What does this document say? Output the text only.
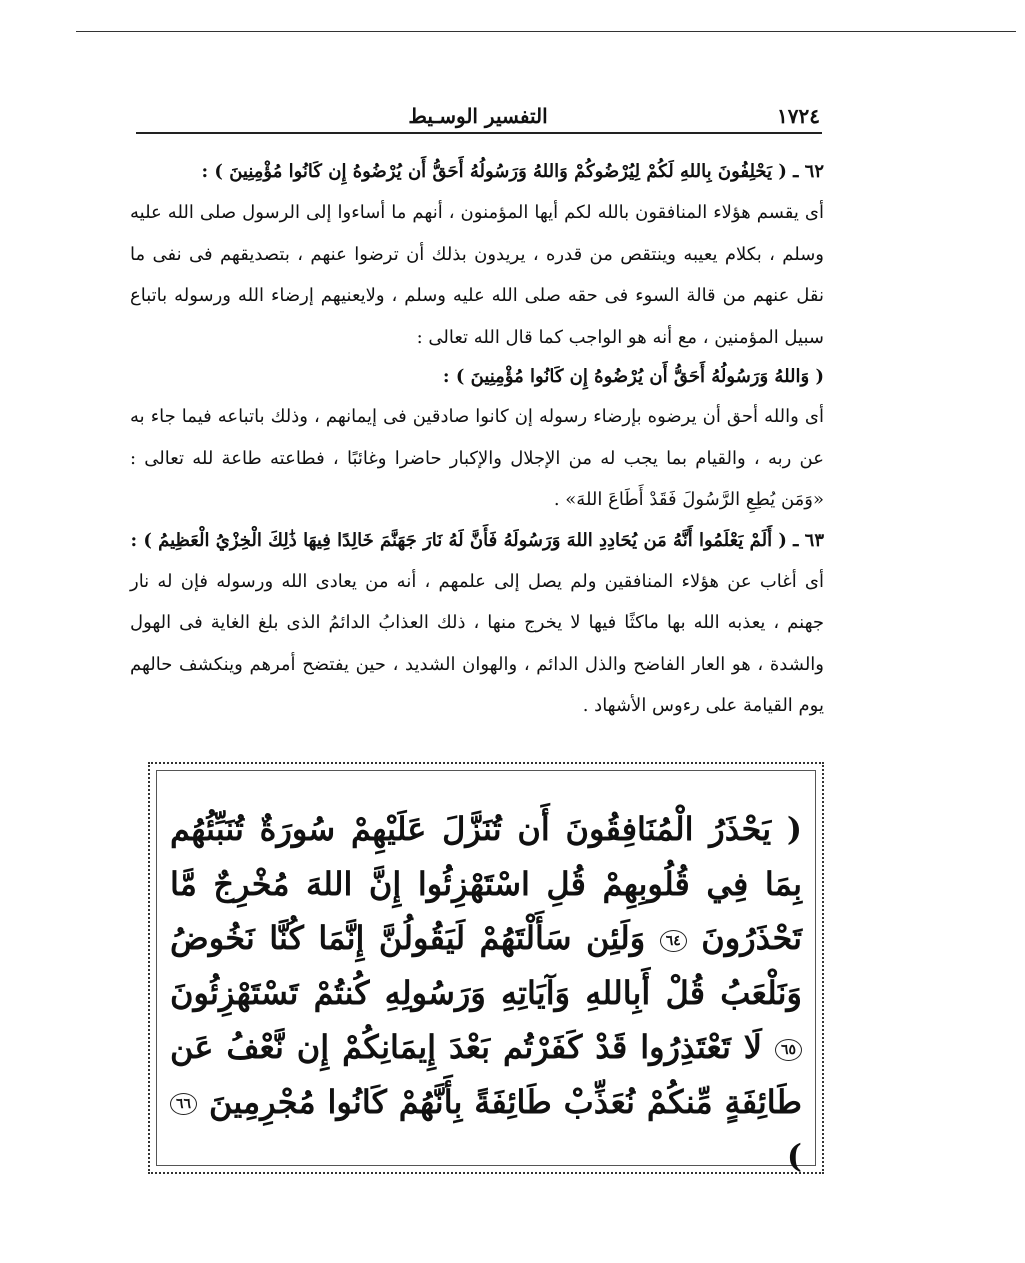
١٧٢٤
التفسير الوسـيط

٦٢ ـ ( يَحْلِفُونَ بِاللهِ لَكُمْ لِيُرْضُوكُمْ وَاللهُ وَرَسُولُهُ أَحَقُّ أَن يُرْضُوهُ إِن كَانُوا مُؤْمِنِينَ ) :

أى يقسم هؤلاء المنافقون بالله لكم أيها المؤمنون ، أنهم ما أساءوا إلى الرسول صلى الله عليه وسلم ، بكلام يعيبه وينتقص من قدره ، يريدون بذلك أن ترضوا عنهم ، بتصديقهم فى نفى ما نقل عنهم من قالة السوء فى حقه صلى الله عليه وسلم ، ولايعنيهم إرضاء الله ورسوله باتباع سبيل المؤمنين ، مع أنه هو الواجب كما قال الله تعالى :

( وَاللهُ وَرَسُولُهُ أَحَقُّ أَن يُرْضُوهُ إِن كَانُوا مُؤْمِنِينَ ) :

أى والله أحق أن يرضوه بإرضاء رسوله إن كانوا صادقين فى إيمانهم ، وذلك باتباعه فيما جاء به عن ربه ، والقيام بما يجب له من الإجلال والإكبار حاضرا وغائبًا ، فطاعته طاعة لله تعالى : «وَمَن يُطِعِ الرَّسُولَ فَقَدْ أَطَاعَ اللهَ» .

٦٣ ـ ( أَلَمْ يَعْلَمُوا أَنَّهُ مَن يُحَادِدِ اللهَ وَرَسُولَهُ فَأَنَّ لَهُ نَارَ جَهَنَّمَ خَالِدًا فِيهَا ذَٰلِكَ الْخِزْيُ الْعَظِيمُ ) :

أى أغاب عن هؤلاء المنافقين ولم يصل إلى علمهم ، أنه من يعادى الله ورسوله فإن له نار جهنم ، يعذبه الله بها ماكثًا فيها لا يخرج منها ، ذلك العذابُ الدائمُ الذى بلغ الغاية فى الهول والشدة ، هو العار الفاضح والذل الدائم ، والهوان الشديد ، حين يفتضح أمرهم وينكشف حالهم يوم القيامة على رءوس الأشهاد .

( يَحْذَرُ الْمُنَافِقُونَ أَن تُنَزَّلَ عَلَيْهِمْ سُورَةٌ تُنَبِّئُهُم بِمَا فِي قُلُوبِهِمْ قُلِ اسْتَهْزِئُوا إِنَّ اللهَ مُخْرِجٌ مَّا تَحْذَرُونَ ٦٤ وَلَئِن سَأَلْتَهُمْ لَيَقُولُنَّ إِنَّمَا كُنَّا نَخُوضُ وَنَلْعَبُ قُلْ أَبِاللهِ وَآيَاتِهِ وَرَسُولِهِ كُنتُمْ تَسْتَهْزِئُونَ ٦٥ لَا تَعْتَذِرُوا قَدْ كَفَرْتُم بَعْدَ إِيمَانِكُمْ إِن نَّعْفُ عَن طَائِفَةٍ مِّنكُمْ نُعَذِّبْ طَائِفَةً بِأَنَّهُمْ كَانُوا مُجْرِمِينَ ٦٦ )
